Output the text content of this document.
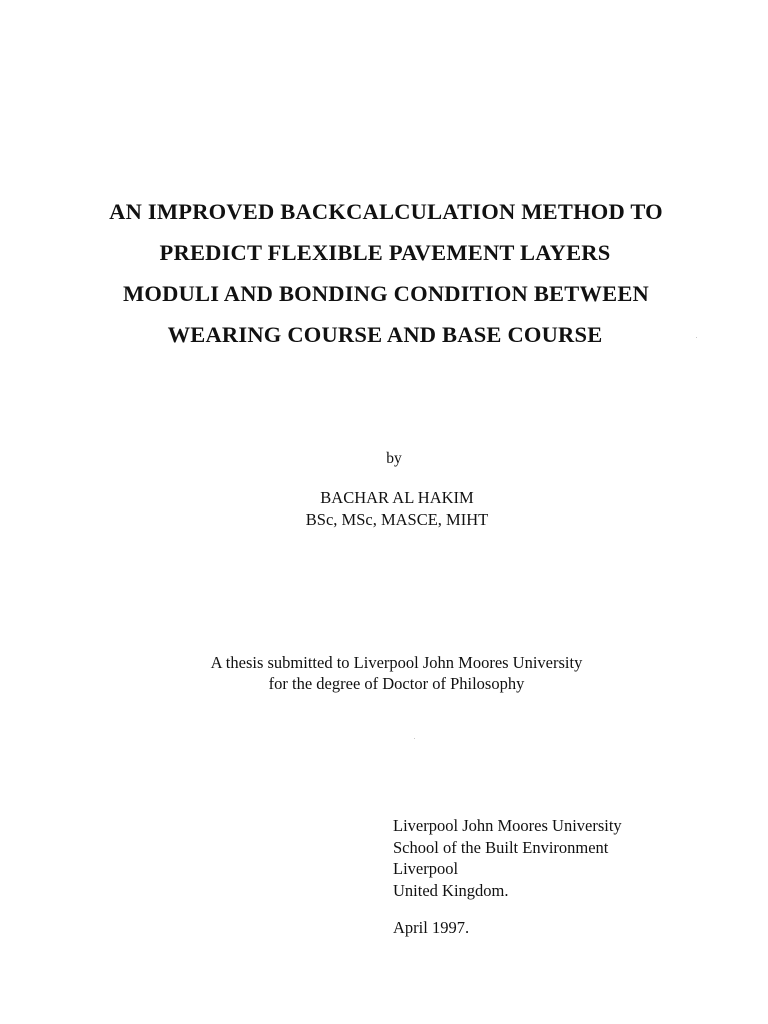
AN IMPROVED BACKCALCULATION METHOD TO
PREDICT FLEXIBLE PAVEMENT LAYERS
MODULI AND BONDING CONDITION BETWEEN
WEARING COURSE AND BASE COURSE
by
BACHAR AL HAKIM
BSc, MSc, MASCE, MIHT
A thesis submitted to Liverpool John Moores University
for the degree of Doctor of Philosophy
Liverpool John Moores University
School of the Built Environment
Liverpool
United Kingdom.
April 1997.
